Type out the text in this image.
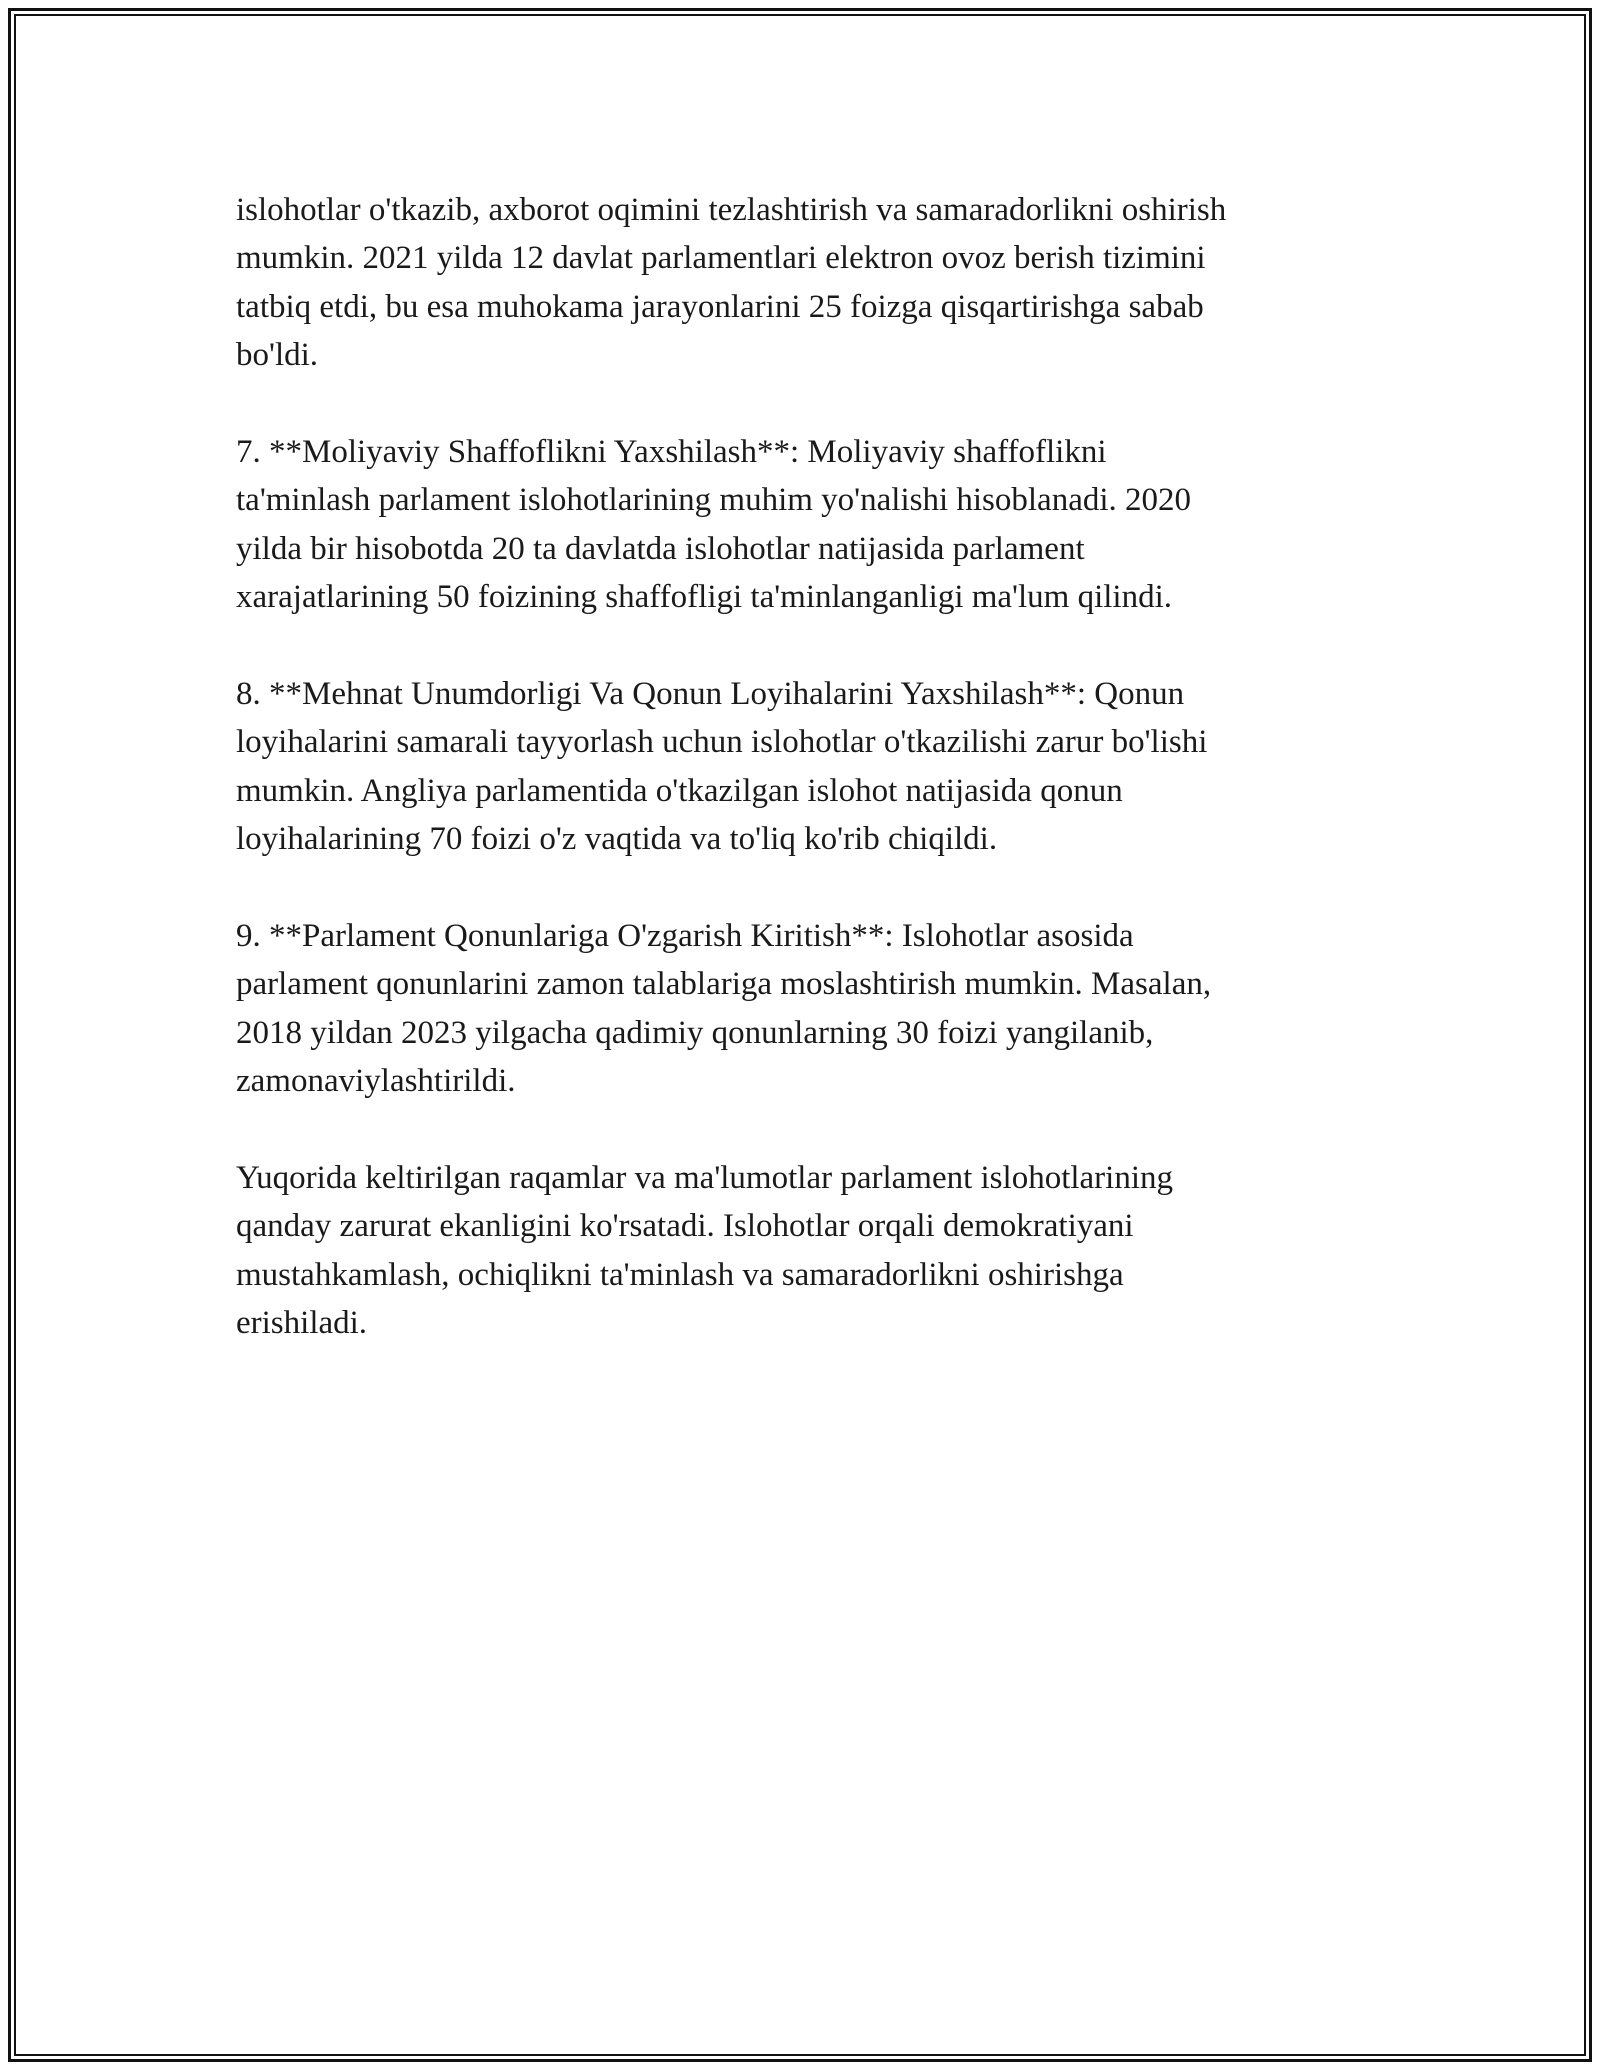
islohotlar o'tkazib, axborot oqimini tezlashtirish va samaradorlikni oshirish
mumkin. 2021 yilda 12 davlat parlamentlari elektron ovoz berish tizimini
tatbiq etdi, bu esa muhokama jarayonlarini 25 foizga qisqartirishga sabab
bo'ldi.

7. **Moliyaviy Shaffoflikni Yaxshilash**: Moliyaviy shaffoflikni
ta'minlash parlament islohotlarining muhim yo'nalishi hisoblanadi. 2020
yilda bir hisobotda 20 ta davlatda islohotlar natijasida parlament
xarajatlarining 50 foizining shaffofligi ta'minlanganligi ma'lum qilindi.

8. **Mehnat Unumdorligi Va Qonun Loyihalarini Yaxshilash**: Qonun
loyihalarini samarali tayyorlash uchun islohotlar o'tkazilishi zarur bo'lishi
mumkin. Angliya parlamentida o'tkazilgan islohot natijasida qonun
loyihalarining 70 foizi o'z vaqtida va to'liq ko'rib chiqildi.

9. **Parlament Qonunlariga O'zgarish Kiritish**: Islohotlar asosida
parlament qonunlarini zamon talablariga moslashtirish mumkin. Masalan,
2018 yildan 2023 yilgacha qadimiy qonunlarning 30 foizi yangilanib,
zamonaviylashtirildi.

Yuqorida keltirilgan raqamlar va ma'lumotlar parlament islohotlarining
qanday zarurat ekanligini ko'rsatadi. Islohotlar orqali demokratiyani
mustahkamlash, ochiqlikni ta'minlash va samaradorlikni oshirishga
erishiladi.
